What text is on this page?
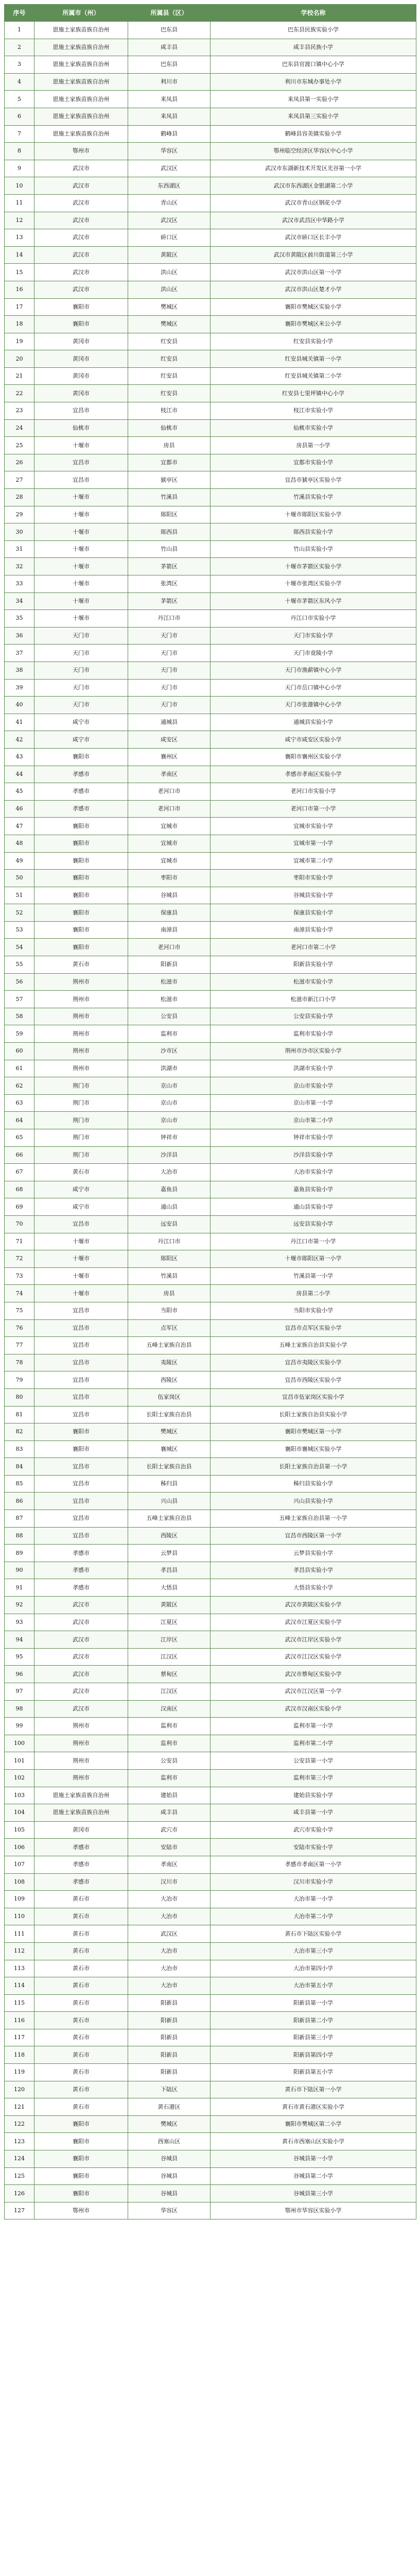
序号	所属市（州）	所属县（区）	学校名称
1	恩施土家族苗族自治州	巴东县	巴东县民族实验小学
2	恩施土家族苗族自治州	咸丰县	咸丰县民族小学
3	恩施土家族苗族自治州	巴东县	巴东县官渡口镇中心小学
4	恩施土家族苗族自治州	利川市	利川市东城办事处小学
5	恩施土家族苗族自治州	来凤县	来凤县第一实验小学
6	恩施土家族苗族自治州	来凤县	来凤县第三实验小学
7	恩施土家族苗族自治州	鹤峰县	鹤峰县容美镇实验小学
8	鄂州市	华容区	鄂州临空经济区华容区中心小学
9	武汉市	武汉区	武汉市东湖新技术开发区光谷第一小学
10	武汉市	东西湖区	武汉市东西湖区金银湖第二小学
11	武汉市	青山区	武汉市青山区钢花小学
12	武汉市	武汉区	武汉市武昌区中华路小学
13	武汉市	硚口区	武汉市硚口区长丰小学
14	武汉市	黄陂区	武汉市黄陂区前川街道第三小学
15	武汉市	洪山区	武汉市洪山区第一小学
16	武汉市	洪山区	武汉市洪山区楚才小学
17	襄阳市	樊城区	襄阳市樊城区实验小学
18	襄阳市	樊城区	襄阳市樊城区米公小学
19	黄冈市	红安县	红安县实验小学
20	黄冈市	红安县	红安县城关镇第一小学
21	黄冈市	红安县	红安县城关镇第二小学
22	黄冈市	红安县	红安县七里坪镇中心小学
23	宜昌市	枝江市	枝江市实验小学
24	仙桃市	仙桃市	仙桃市实验小学
25	十堰市	房县	房县第一小学
26	宜昌市	宜都市	宜都市实验小学
27	宜昌市	猇亭区	宜昌市猇亭区实验小学
28	十堰市	竹溪县	竹溪县实验小学
29	十堰市	郧阳区	十堰市郧阳区实验小学
30	十堰市	郧西县	郧西县实验小学
31	十堰市	竹山县	竹山县实验小学
32	十堰市	茅箭区	十堰市茅箭区实验小学
33	十堰市	张湾区	十堰市张湾区实验小学
34	十堰市	茅箭区	十堰市茅箭区东风小学
35	十堰市	丹江口市	丹江口市实验小学
36	天门市	天门市	天门市实验小学
37	天门市	天门市	天门市竟陵小学
38	天门市	天门市	天门市渔薪镇中心小学
39	天门市	天门市	天门市岳口镇中心小学
40	天门市	天门市	天门市张港镇中心小学
41	咸宁市	通城县	通城县实验小学
42	咸宁市	咸安区	咸宁市咸安区实验小学
43	襄阳市	襄州区	襄阳市襄州区实验小学
44	孝感市	孝南区	孝感市孝南区实验小学
45	孝感市	老河口市	老河口市实验小学
46	孝感市	老河口市	老河口市第一小学
47	襄阳市	宜城市	宜城市实验小学
48	襄阳市	宜城市	宜城市第一小学
49	襄阳市	宜城市	宜城市第二小学
50	襄阳市	枣阳市	枣阳市实验小学
51	襄阳市	谷城县	谷城县实验小学
52	襄阳市	保康县	保康县实验小学
53	襄阳市	南漳县	南漳县实验小学
54	襄阳市	老河口市	老河口市第二小学
55	黄石市	阳新县	阳新县实验小学
56	荆州市	松滋市	松滋市实验小学
57	荆州市	松滋市	松滋市新江口小学
58	荆州市	公安县	公安县实验小学
59	荆州市	监利市	监利市实验小学
60	荆州市	沙市区	荆州市沙市区实验小学
61	荆州市	洪湖市	洪湖市实验小学
62	荆门市	京山市	京山市实验小学
63	荆门市	京山市	京山市第一小学
64	荆门市	京山市	京山市第二小学
65	荆门市	钟祥市	钟祥市实验小学
66	荆门市	沙洋县	沙洋县实验小学
67	黄石市	大冶市	大冶市实验小学
68	咸宁市	嘉鱼县	嘉鱼县实验小学
69	咸宁市	通山县	通山县实验小学
70	宜昌市	远安县	远安县实验小学
71	十堰市	丹江口市	丹江口市第一小学
72	十堰市	郧阳区	十堰市郧阳区第一小学
73	十堰市	竹溪县	竹溪县第一小学
74	十堰市	房县	房县第二小学
75	宜昌市	当阳市	当阳市实验小学
76	宜昌市	点军区	宜昌市点军区实验小学
77	宜昌市	五峰土家族自治县	五峰土家族自治县实验小学
78	宜昌市	夷陵区	宜昌市夷陵区实验小学
79	宜昌市	西陵区	宜昌市西陵区实验小学
80	宜昌市	伍家岗区	宜昌市伍家岗区实验小学
81	宜昌市	长阳土家族自治县	长阳土家族自治县实验小学
82	襄阳市	樊城区	襄阳市樊城区第一小学
83	襄阳市	襄城区	襄阳市襄城区实验小学
84	宜昌市	长阳土家族自治县	长阳土家族自治县第一小学
85	宜昌市	秭归县	秭归县实验小学
86	宜昌市	兴山县	兴山县实验小学
87	宜昌市	五峰土家族自治县	五峰土家族自治县第一小学
88	宜昌市	西陵区	宜昌市西陵区第一小学
89	孝感市	云梦县	云梦县实验小学
90	孝感市	孝昌县	孝昌县实验小学
91	孝感市	大悟县	大悟县实验小学
92	武汉市	黄陂区	武汉市黄陂区实验小学
93	武汉市	江夏区	武汉市江夏区实验小学
94	武汉市	江岸区	武汉市江岸区实验小学
95	武汉市	江汉区	武汉市江汉区实验小学
96	武汉市	蔡甸区	武汉市蔡甸区实验小学
97	武汉市	江汉区	武汉市江汉区第一小学
98	武汉市	汉南区	武汉市汉南区实验小学
99	荆州市	监利市	监利市第一小学
100	荆州市	监利市	监利市第二小学
101	荆州市	公安县	公安县第一小学
102	荆州市	监利市	监利市第三小学
103	恩施土家族苗族自治州	建始县	建始县实验小学
104	恩施土家族苗族自治州	咸丰县	咸丰县第一小学
105	黄冈市	武穴市	武穴市实验小学
106	孝感市	安陆市	安陆市实验小学
107	孝感市	孝南区	孝感市孝南区第一小学
108	孝感市	汉川市	汉川市实验小学
109	黄石市	大冶市	大冶市第一小学
110	黄石市	大冶市	大冶市第二小学
111	黄石市	武汉区	黄石市下陆区实验小学
112	黄石市	大冶市	大冶市第三小学
113	黄石市	大冶市	大冶市第四小学
114	黄石市	大冶市	大冶市第五小学
115	黄石市	阳新县	阳新县第一小学
116	黄石市	阳新县	阳新县第二小学
117	黄石市	阳新县	阳新县第三小学
118	黄石市	阳新县	阳新县第四小学
119	黄石市	阳新县	阳新县第五小学
120	黄石市	下陆区	黄石市下陆区第一小学
121	黄石市	黄石港区	黄石市黄石港区实验小学
122	襄阳市	樊城区	襄阳市樊城区第二小学
123	襄阳市	西塞山区	黄石市西塞山区实验小学
124	襄阳市	谷城县	谷城县第一小学
125	襄阳市	谷城县	谷城县第二小学
126	襄阳市	谷城县	谷城县第三小学
127	鄂州市	华容区	鄂州市华容区实验小学
